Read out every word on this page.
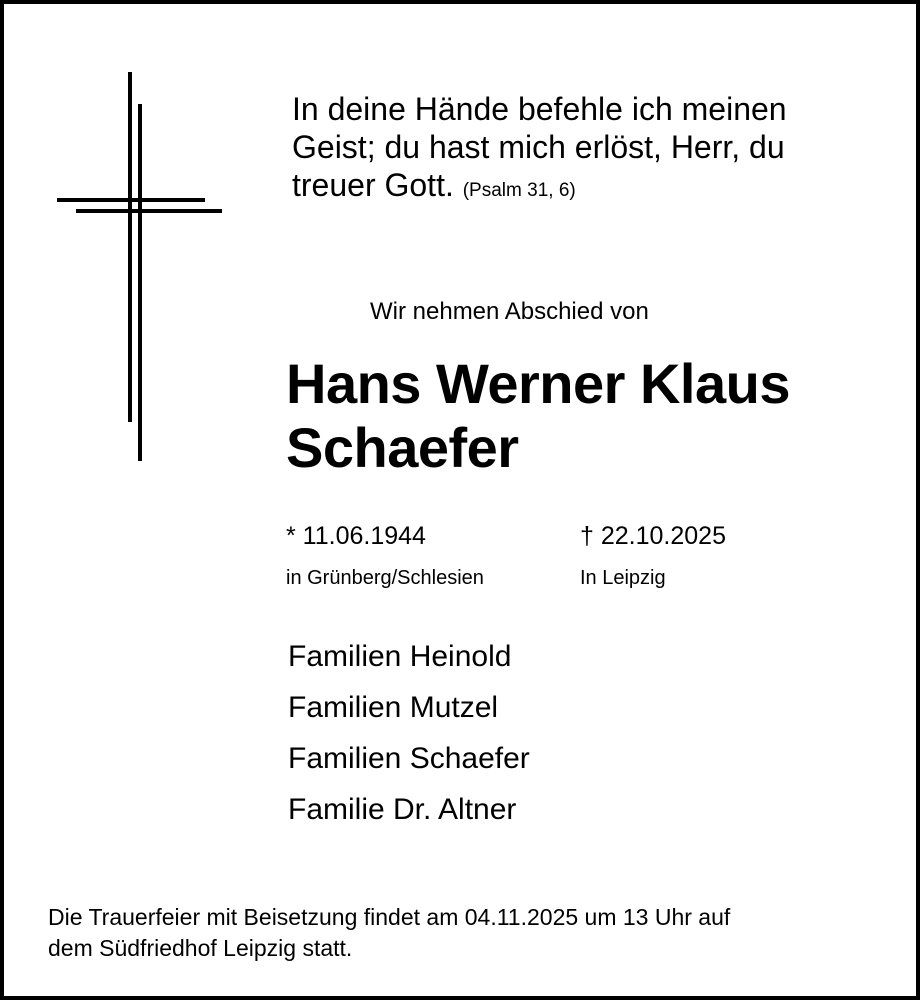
In deine Hände befehle ich meinen
Geist; du hast mich erlöst, Herr, du
treuer Gott. (Psalm 31, 6)
Wir nehmen Abschied von
Hans Werner Klaus
Schaefer
* 11.06.1944	† 22.10.2025
in Grünberg/Schlesien	In Leipzig
Familien Heinold
Familien Mutzel
Familien Schaefer
Familie Dr. Altner
Die Trauerfeier mit Beisetzung findet am 04.11.2025 um 13 Uhr auf
dem Südfriedhof Leipzig statt.
